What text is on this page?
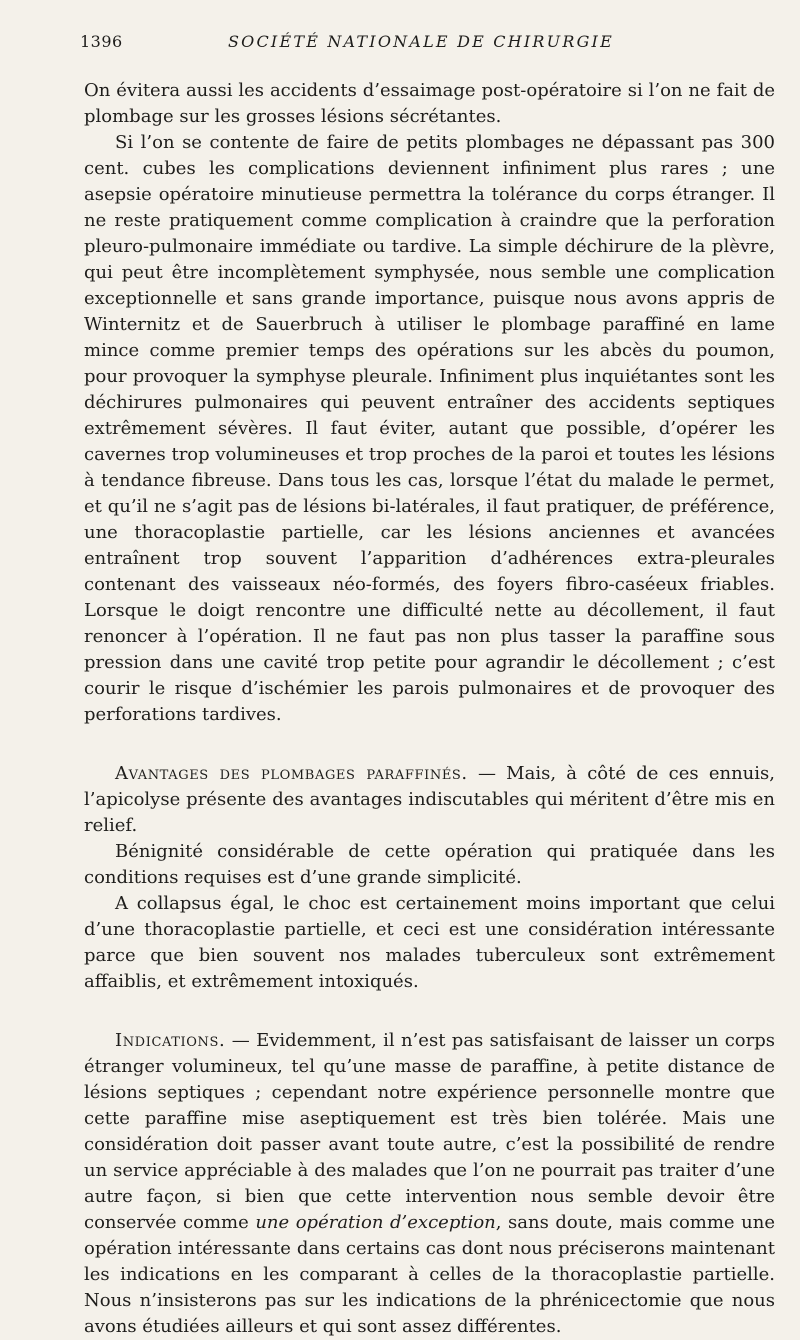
1396	SOCIÉTÉ NATIONALE DE CHIRURGIE

On évitera aussi les accidents d’essaimage post-opératoire si l’on ne fait de plombage sur les grosses lésions sécrétantes.

Si l’on se contente de faire de petits plombages ne dépassant pas 300 cent. cubes les complications deviennent infiniment plus rares ; une asepsie opératoire minutieuse permettra la tolérance du corps étranger. Il ne reste pratiquement comme complication à craindre que la perforation pleuro-pulmonaire immédiate ou tardive. La simple déchirure de la plèvre, qui peut être incomplètement symphysée, nous semble une complication exceptionnelle et sans grande importance, puisque nous avons appris de Winternitz et de Sauerbruch à utiliser le plombage paraffiné en lame mince comme premier temps des opérations sur les abcès du poumon, pour provoquer la symphyse pleurale. Infiniment plus inquiétantes sont les déchirures pulmonaires qui peuvent entraîner des accidents septiques extrêmement sévères. Il faut éviter, autant que possible, d’opérer les cavernes trop volumineuses et trop proches de la paroi et toutes les lésions à tendance fibreuse. Dans tous les cas, lorsque l’état du malade le permet, et qu’il ne s’agit pas de lésions bi-latérales, il faut pratiquer, de préférence, une thoracoplastie partielle, car les lésions anciennes et avancées entraînent trop souvent l’apparition d’adhérences extra-pleurales contenant des vaisseaux néo-formés, des foyers fibro-caséeux friables. Lorsque le doigt rencontre une difficulté nette au décollement, il faut renoncer à l’opération. Il ne faut pas non plus tasser la paraffine sous pression dans une cavité trop petite pour agrandir le décollement ; c’est courir le risque d’ischémier les parois pulmonaires et de provoquer des perforations tardives.

Avantages des plombages paraffinés. — Mais, à côté de ces ennuis, l’apicolyse présente des avantages indiscutables qui méritent d’être mis en relief.

Bénignité considérable de cette opération qui pratiquée dans les conditions requises est d’une grande simplicité.

A collapsus égal, le choc est certainement moins important que celui d’une thoracoplastie partielle, et ceci est une considération intéressante parce que bien souvent nos malades tuberculeux sont extrêmement affaiblis, et extrêmement intoxiqués.

Indications. — Evidemment, il n’est pas satisfaisant de laisser un corps étranger volumineux, tel qu’une masse de paraffine, à petite distance de lésions septiques ; cependant notre expérience personnelle montre que cette paraffine mise aseptiquement est très bien tolérée. Mais une considération doit passer avant toute autre, c’est la possibilité de rendre un service appréciable à des malades que l’on ne pourrait pas traiter d’une autre façon, si bien que cette intervention nous semble devoir être conservée comme une opération d’exception, sans doute, mais comme une opération intéressante dans certains cas dont nous préciserons maintenant les indications en les comparant à celles de la thoracoplastie partielle. Nous n’insisterons pas sur les indications de la phrénicectomie que nous avons étudiées ailleurs et qui sont assez différentes.
